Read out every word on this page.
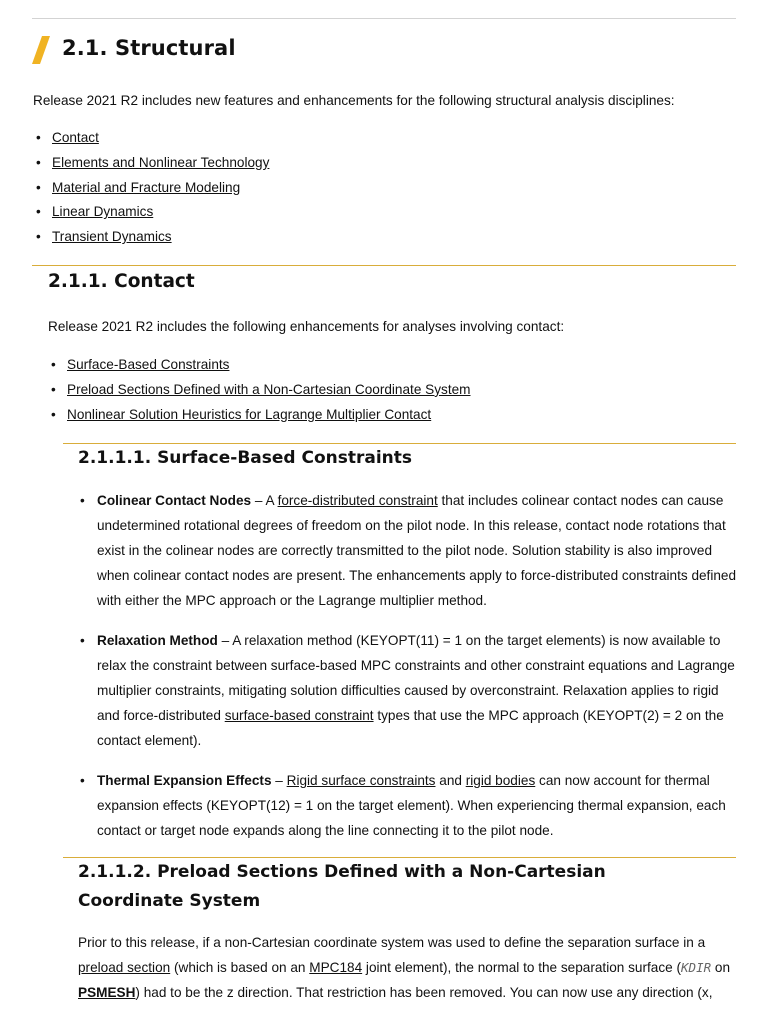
2.1. Structural
Release 2021 R2 includes new features and enhancements for the following structural analysis disciplines:
• Contact
• Elements and Nonlinear Technology
• Material and Fracture Modeling
• Linear Dynamics
• Transient Dynamics
2.1.1. Contact
Release 2021 R2 includes the following enhancements for analyses involving contact:
• Surface-Based Constraints
• Preload Sections Defined with a Non-Cartesian Coordinate System
• Nonlinear Solution Heuristics for Lagrange Multiplier Contact
2.1.1.1. Surface-Based Constraints
• Colinear Contact Nodes – A force-distributed constraint that includes colinear contact nodes can cause undetermined rotational degrees of freedom on the pilot node. In this release, contact node rotations that exist in the colinear nodes are correctly transmitted to the pilot node. Solution stability is also improved when colinear contact nodes are present. The enhancements apply to force-distributed constraints defined with either the MPC approach or the Lagrange multiplier method.
• Relaxation Method – A relaxation method (KEYOPT(11) = 1 on the target elements) is now available to relax the constraint between surface-based MPC constraints and other constraint equations and Lagrange multiplier constraints, mitigating solution difficulties caused by overconstraint. Relaxation applies to rigid and force-distributed surface-based constraint types that use the MPC approach (KEYOPT(2) = 2 on the contact element).
• Thermal Expansion Effects – Rigid surface constraints and rigid bodies can now account for thermal expansion effects (KEYOPT(12) = 1 on the target element). When experiencing thermal expansion, each contact or target node expands along the line connecting it to the pilot node.
2.1.1.2. Preload Sections Defined with a Non-Cartesian Coordinate System
Prior to this release, if a non-Cartesian coordinate system was used to define the separation surface in a preload section (which is based on an MPC184 joint element), the normal to the separation surface (KDIR on PSMESH) had to be the z direction. That restriction has been removed. You can now use any direction (x,
